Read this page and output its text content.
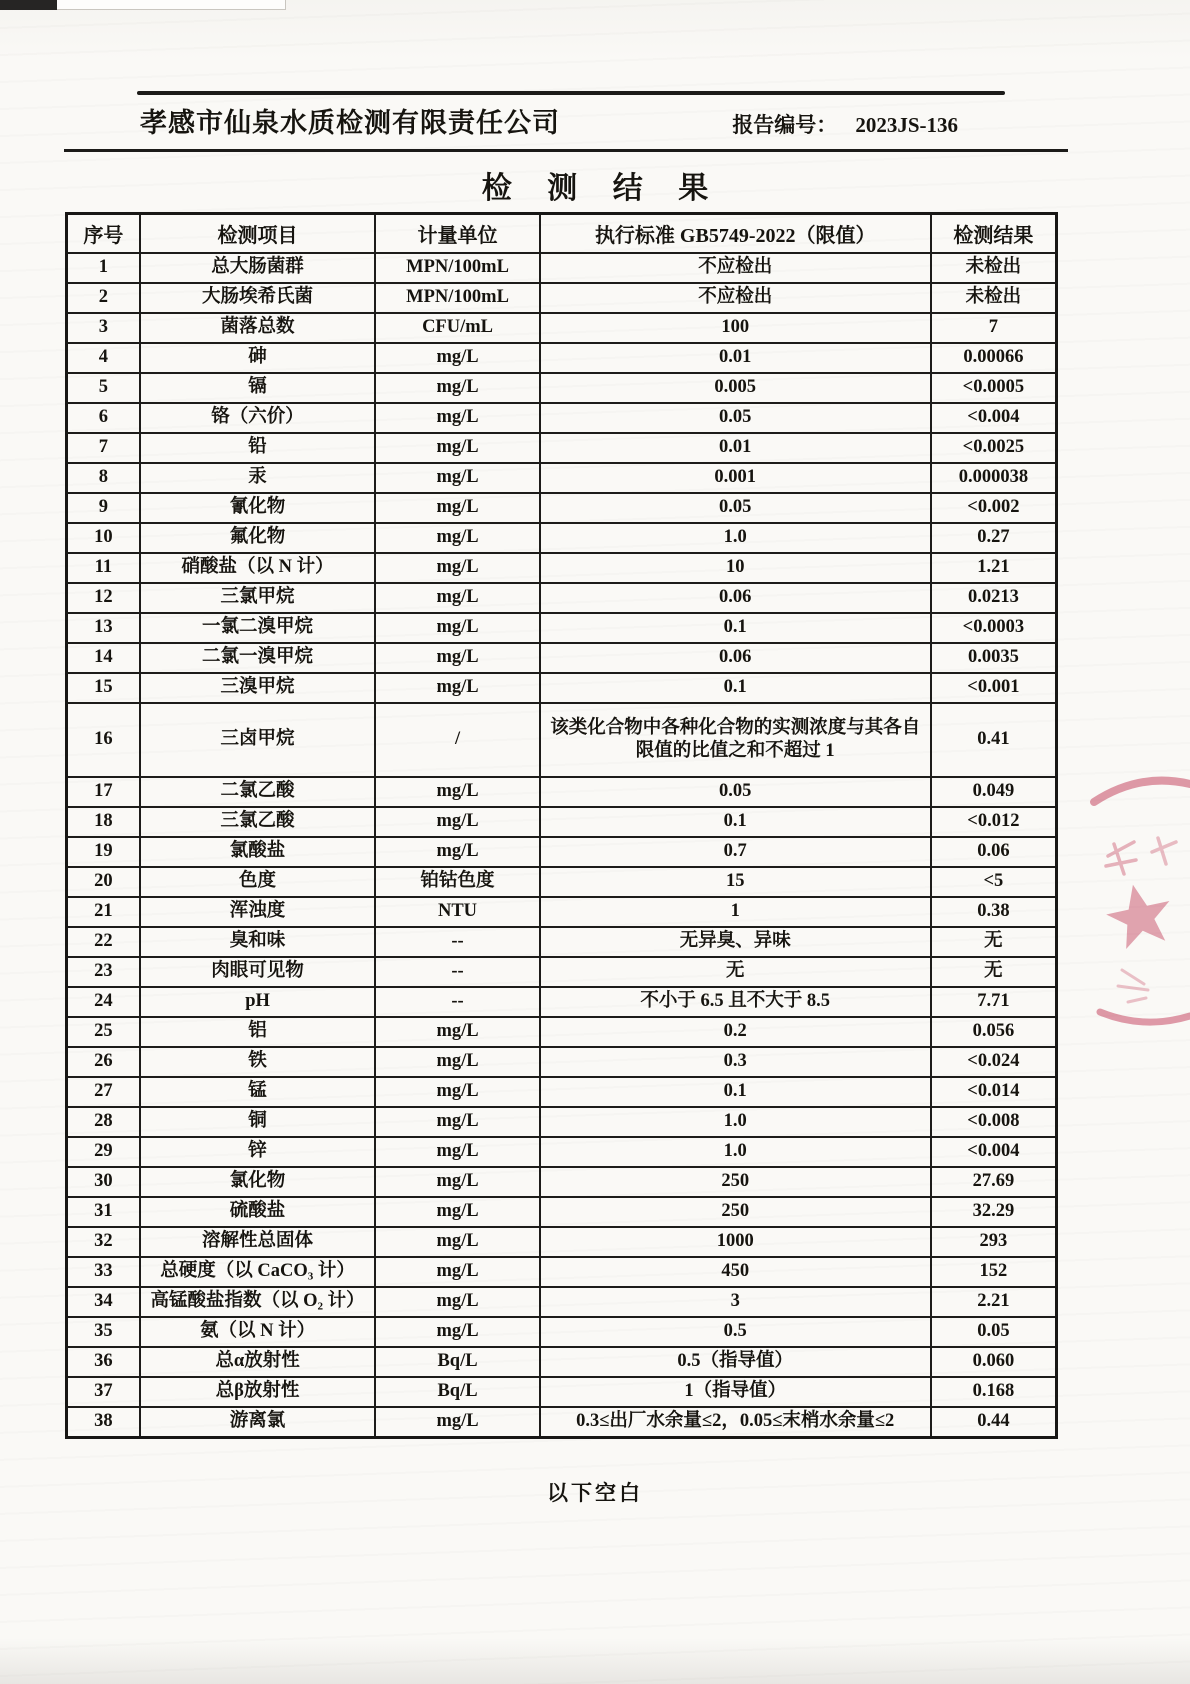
孝感市仙泉水质检测有限责任公司	报告编号： 2023JS-136
检 测 结 果
序号	检测项目	计量单位	执行标准 GB5749-2022（限值）	检测结果
1	总大肠菌群	MPN/100mL	不应检出	未检出
2	大肠埃希氏菌	MPN/100mL	不应检出	未检出
3	菌落总数	CFU/mL	100	7
4	砷	mg/L	0.01	0.00066
5	镉	mg/L	0.005	<0.0005
6	铬（六价）	mg/L	0.05	<0.004
7	铅	mg/L	0.01	<0.0025
8	汞	mg/L	0.001	0.000038
9	氰化物	mg/L	0.05	<0.002
10	氟化物	mg/L	1.0	0.27
11	硝酸盐（以 N 计）	mg/L	10	1.21
12	三氯甲烷	mg/L	0.06	0.0213
13	一氯二溴甲烷	mg/L	0.1	<0.0003
14	二氯一溴甲烷	mg/L	0.06	0.0035
15	三溴甲烷	mg/L	0.1	<0.001
16	三卤甲烷	/	该类化合物中各种化合物的实测浓度与其各自限值的比值之和不超过 1	0.41
17	二氯乙酸	mg/L	0.05	0.049
18	三氯乙酸	mg/L	0.1	<0.012
19	氯酸盐	mg/L	0.7	0.06
20	色度	铂钴色度	15	<5
21	浑浊度	NTU	1	0.38
22	臭和味	--	无异臭、异味	无
23	肉眼可见物	--	无	无
24	pH	--	不小于 6.5 且不大于 8.5	7.71
25	铝	mg/L	0.2	0.056
26	铁	mg/L	0.3	<0.024
27	锰	mg/L	0.1	<0.014
28	铜	mg/L	1.0	<0.008
29	锌	mg/L	1.0	<0.004
30	氯化物	mg/L	250	27.69
31	硫酸盐	mg/L	250	32.29
32	溶解性总固体	mg/L	1000	293
33	总硬度（以 CaCO₃ 计）	mg/L	450	152
34	高锰酸盐指数（以 O₂ 计）	mg/L	3	2.21
35	氨（以 N 计）	mg/L	0.5	0.05
36	总α放射性	Bq/L	0.5（指导值）	0.060
37	总β放射性	Bq/L	1（指导值）	0.168
38	游离氯	mg/L	0.3≤出厂水余量≤2，0.05≤末梢水余量≤2	0.44
以下空白
